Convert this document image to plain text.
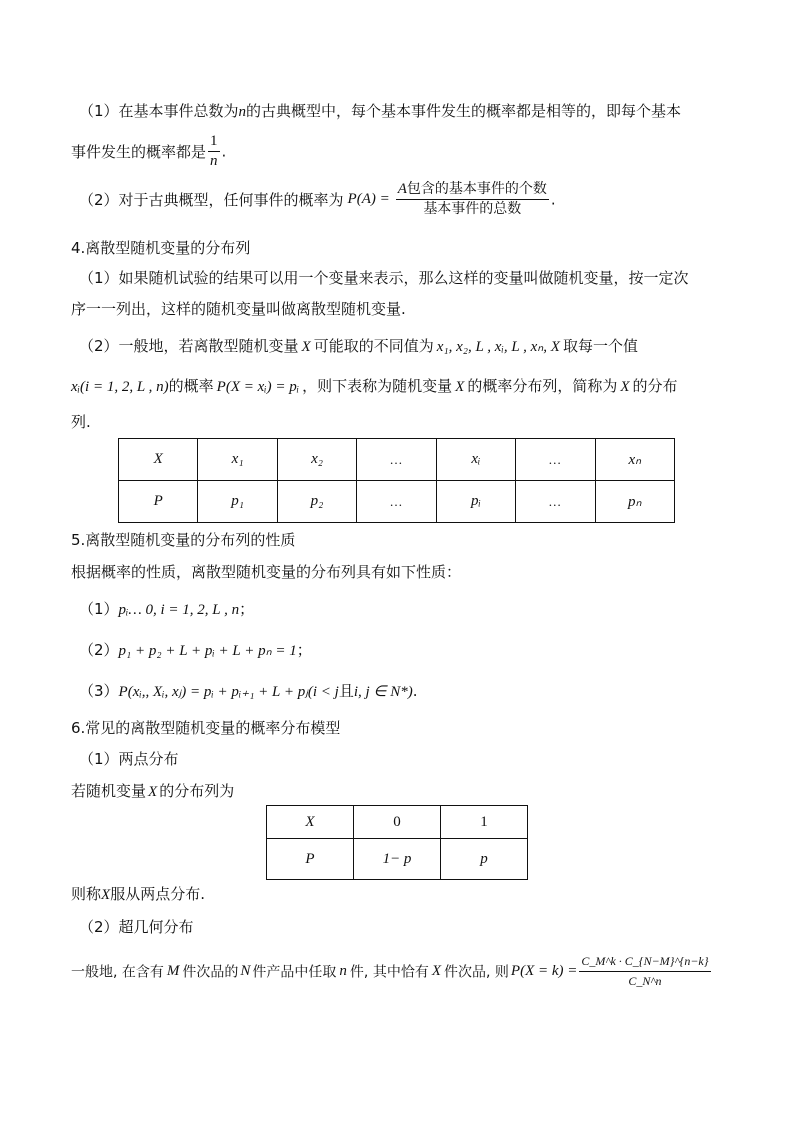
（1）在基本事件总数为n的古典概型中，每个基本事件发生的概率都是相等的，即每个基本
事件发生的概率都是 $\frac{1}{n}$ .
（2）对于古典概型，任何事件的概率为 $P(A) = \frac{\text{A包含的基本事件的个数}}{\text{基本事件的总数}}$ .
4.离散型随机变量的分布列
（1）如果随机试验的结果可以用一个变量来表示，那么这样的变量叫做随机变量，按一定次
序一一列出，这样的随机变量叫做离散型随机变量.
（2）一般地，若离散型随机变量 X 可能取的不同值为 x₁, x₂, L , xᵢ, L , xₙ, X 取每一个值
xᵢ(i = 1, 2, L , n)的概率 P(X = xᵢ) = pᵢ ，则下表称为随机变量 X 的概率分布列，简称为 X 的分布
列.
X	x₁	x₂	…	xᵢ	…	xₙ
P	p₁	p₂	…	pᵢ	…	pₙ
5.离散型随机变量的分布列的性质
根据概率的性质，离散型随机变量的分布列具有如下性质：
（1）pᵢ… 0, i = 1, 2, L , n；
（2）p₁ + p₂ + L + pᵢ + L + pₙ = 1；
（3）P(xᵢ,, Xᵢ, xⱼ) = pᵢ + pᵢ₊₁ + L + pⱼ(i < j且i, j ∈ N*).
6.常见的离散型随机变量的概率分布模型
（1）两点分布
若随机变量 X 的分布列为
X	0	1
P	1− p	p
则称X服从两点分布.
（2）超几何分布
一般地, 在含有 M 件次品的 N 件产品中任取 n 件, 其中恰有 X 件次品, 则 $P(X = k) = \frac{C\_M\^{}k \cdot C\_\{N-M\}\^{}\{n-k\}}{C\_N\^{}n}$
